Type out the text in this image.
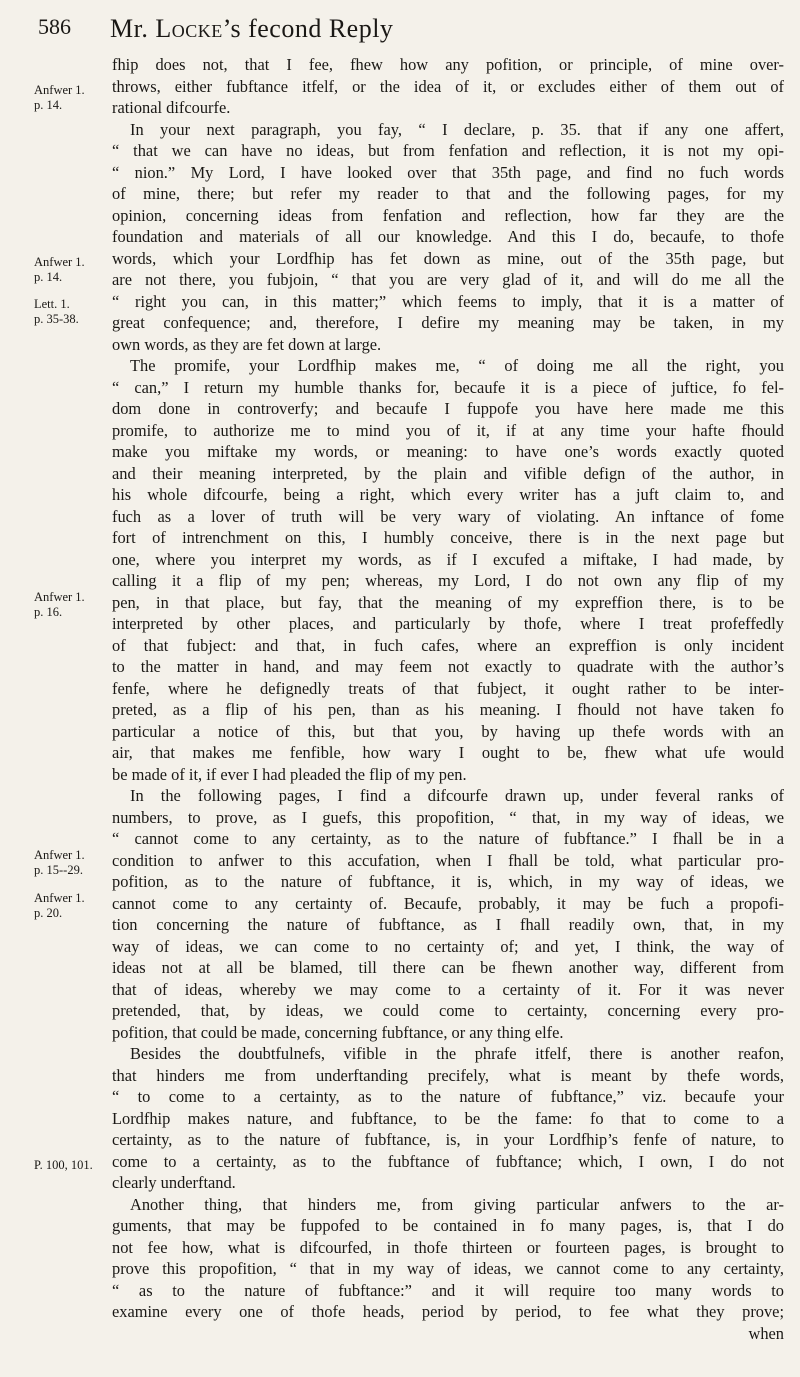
586 Mr. Locke’s fecond Reply
Anfwer 1.
p. 14.
Anfwer 1.
p. 14.
Lett. 1.
p. 35-38.
Anfwer 1.
p. 16.
Anfwer 1.
p. 15--29.
Anfwer 1.
p. 20.
P. 100, 101.
fhip does not, that I fee, fhew how any pofition, or principle, of mine over-
throws, either fubftance itfelf, or the idea of it, or excludes either of them out of
rational difcourfe.
In your next paragraph, you fay, “ I declare, p. 35. that if any one affert,
“ that we can have no ideas, but from fenfation and reflection, it is not my opi-
“ nion.” My Lord, I have looked over that 35th page, and find no fuch words
of mine, there; but refer my reader to that and the following pages, for my
opinion, concerning ideas from fenfation and reflection, how far they are the
foundation and materials of all our knowledge. And this I do, becaufe, to thofe
words, which your Lordfhip has fet down as mine, out of the 35th page, but
are not there, you fubjoin, “ that you are very glad of it, and will do me all the
“ right you can, in this matter;” which feems to imply, that it is a matter of
great confequence; and, therefore, I defire my meaning may be taken, in my
own words, as they are fet down at large.
The promife, your Lordfhip makes me, “ of doing me all the right, you
“ can,” I return my humble thanks for, becaufe it is a piece of juftice, fo fel-
dom done in controverfy; and becaufe I fuppofe you have here made me this
promife, to authorize me to mind you of it, if at any time your hafte fhould
make you miftake my words, or meaning: to have one’s words exactly quoted
and their meaning interpreted, by the plain and vifible defign of the author, in
his whole difcourfe, being a right, which every writer has a juft claim to, and
fuch as a lover of truth will be very wary of violating. An inftance of fome
fort of intrenchment on this, I humbly conceive, there is in the next page but
one, where you interpret my words, as if I excufed a miftake, I had made, by
calling it a flip of my pen; whereas, my Lord, I do not own any flip of my
pen, in that place, but fay, that the meaning of my expreffion there, is to be
interpreted by other places, and particularly by thofe, where I treat profeffedly
of that fubject: and that, in fuch cafes, where an expreffion is only incident
to the matter in hand, and may feem not exactly to quadrate with the author’s
fenfe, where he defignedly treats of that fubject, it ought rather to be inter-
preted, as a flip of his pen, than as his meaning. I fhould not have taken fo
particular a notice of this, but that you, by having up thefe words with an
air, that makes me fenfible, how wary I ought to be, fhew what ufe would
be made of it, if ever I had pleaded the flip of my pen.
In the following pages, I find a difcourfe drawn up, under feveral ranks of
numbers, to prove, as I guefs, this propofition, “ that, in my way of ideas, we
“ cannot come to any certainty, as to the nature of fubftance.” I fhall be in a
condition to anfwer to this accufation, when I fhall be told, what particular pro-
pofition, as to the nature of fubftance, it is, which, in my way of ideas, we
cannot come to any certainty of. Becaufe, probably, it may be fuch a propofi-
tion concerning the nature of fubftance, as I fhall readily own, that, in my
way of ideas, we can come to no certainty of; and yet, I think, the way of
ideas not at all be blamed, till there can be fhewn another way, different from
that of ideas, whereby we may come to a certainty of it. For it was never
pretended, that, by ideas, we could come to certainty, concerning every pro-
pofition, that could be made, concerning fubftance, or any thing elfe.
Besides the doubtfulnefs, vifible in the phrafe itfelf, there is another reafon,
that hinders me from underftanding precifely, what is meant by thefe words,
“ to come to a certainty, as to the nature of fubftance,” viz. becaufe your
Lordfhip makes nature, and fubftance, to be the fame: fo that to come to a
certainty, as to the nature of fubftance, is, in your Lordfhip’s fenfe of nature, to
come to a certainty, as to the fubftance of fubftance; which, I own, I do not
clearly underftand.
Another thing, that hinders me, from giving particular anfwers to the ar-
guments, that may be fuppofed to be contained in fo many pages, is, that I do
not fee how, what is difcourfed, in thofe thirteen or fourteen pages, is brought to
prove this propofition, “ that in my way of ideas, we cannot come to any certainty,
“ as to the nature of fubftance:” and it will require too many words to
examine every one of thofe heads, period by period, to fee what they prove;
when
